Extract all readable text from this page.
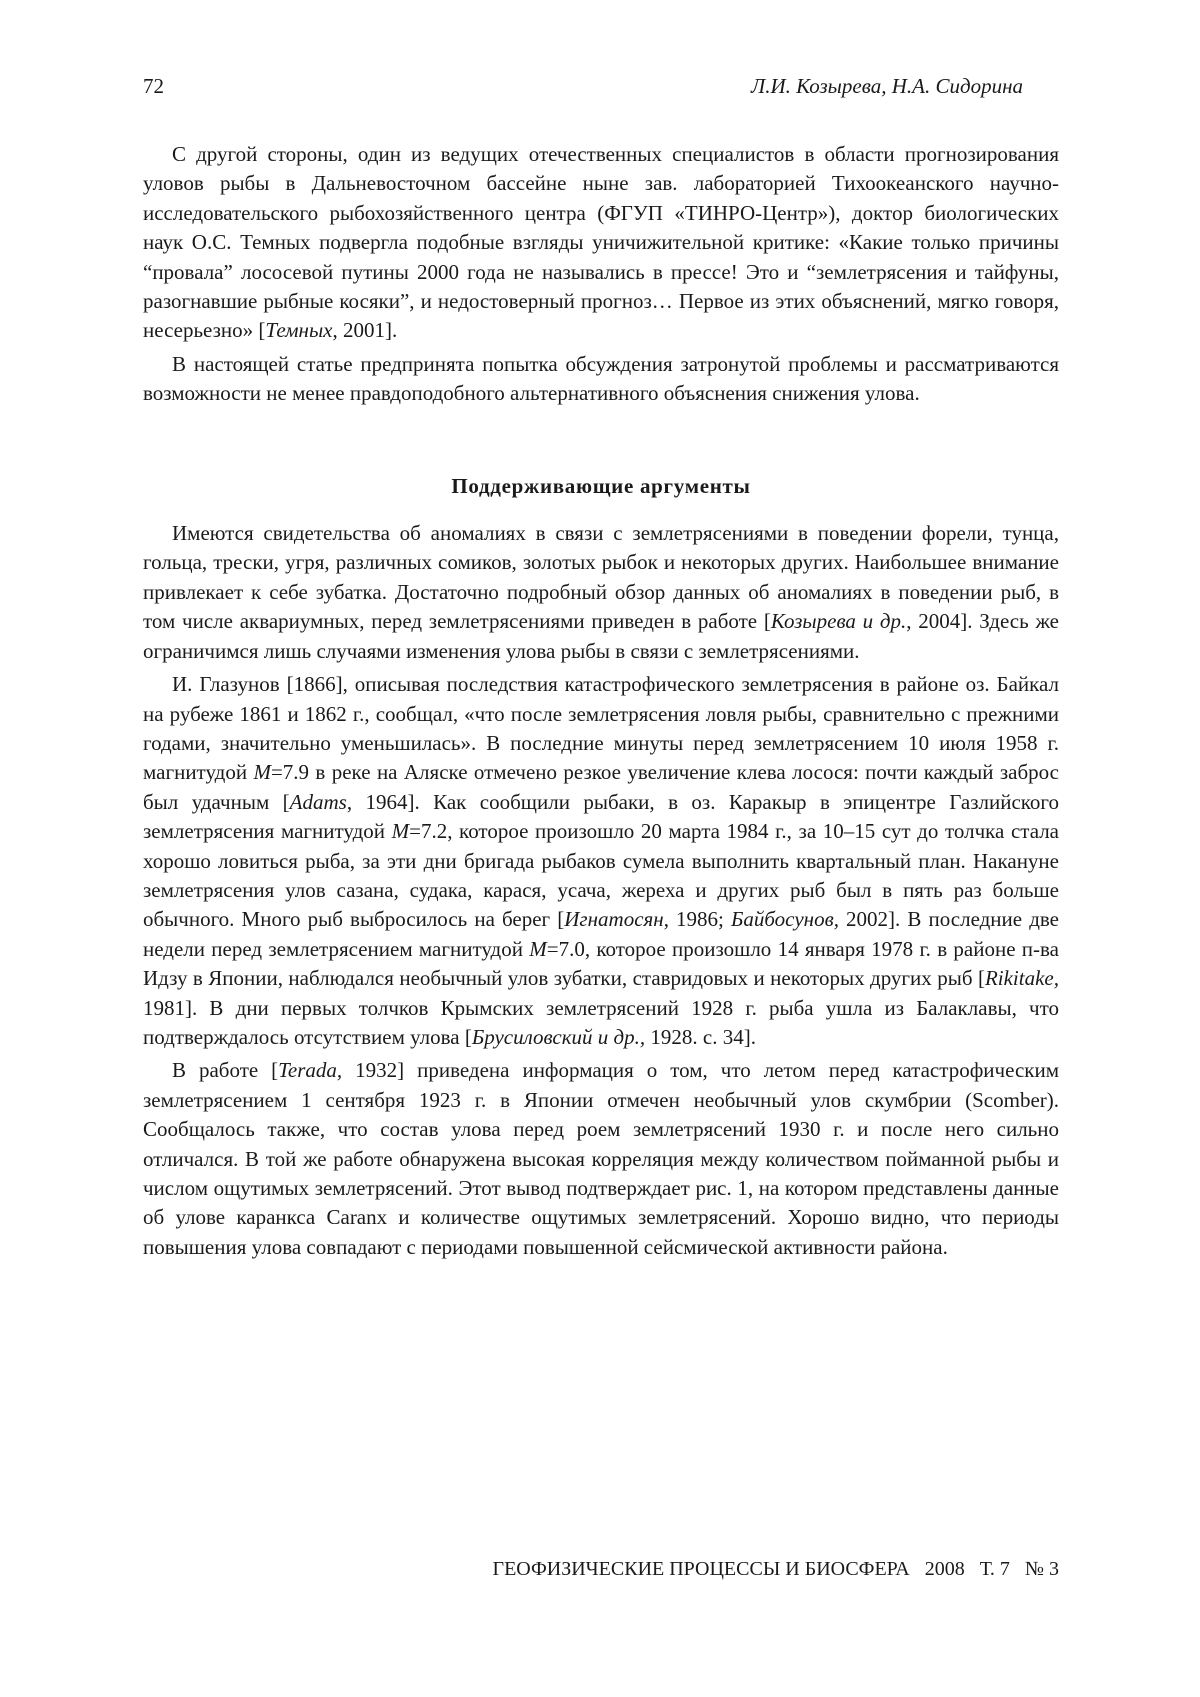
72	Л.И. Козырева, Н.А. Сидорина

С другой стороны, один из ведущих отечественных специалистов в области прогнозирования уловов рыбы в Дальневосточном бассейне ныне зав. лабораторией Тихоокеанского научно-исследовательского рыбохозяйственного центра (ФГУП «ТИНРО-Центр»), доктор биологических наук О.С. Темных подвергла подобные взгляды уничижительной критике: «Какие только причины “провала” лососевой путины 2000 года не назывались в прессе! Это и “землетрясения и тайфуны, разогнавшие рыбные косяки”, и недостоверный прогноз… Первое из этих объяснений, мягко говоря, несерьезно» [Темных, 2001].

В настоящей статье предпринята попытка обсуждения затронутой проблемы и рассматриваются возможности не менее правдоподобного альтернативного объяснения снижения улова.

Поддерживающие аргументы

Имеются свидетельства об аномалиях в связи с землетрясениями в поведении форели, тунца, гольца, трески, угря, различных сомиков, золотых рыбок и некоторых других. Наибольшее внимание привлекает к себе зубатка. Достаточно подробный обзор данных об аномалиях в поведении рыб, в том числе аквариумных, перед землетрясениями приведен в работе [Козырева и др., 2004]. Здесь же ограничимся лишь случаями изменения улова рыбы в связи с землетрясениями.

И. Глазунов [1866], описывая последствия катастрофического землетрясения в районе оз. Байкал на рубеже 1861 и 1862 г., сообщал, «что после землетрясения ловля рыбы, сравнительно с прежними годами, значительно уменьшилась». В последние минуты перед землетрясением 10 июля 1958 г. магнитудой M=7.9 в реке на Аляске отмечено резкое увеличение клева лосося: почти каждый заброс был удачным [Adams, 1964]. Как сообщили рыбаки, в оз. Каракыр в эпицентре Газлийского землетрясения магнитудой M=7.2, которое произошло 20 марта 1984 г., за 10–15 сут до толчка стала хорошо ловиться рыба, за эти дни бригада рыбаков сумела выполнить квартальный план. Накануне землетрясения улов сазана, судака, карася, усача, жереха и других рыб был в пять раз больше обычного. Много рыб выбросилось на берег [Игнатосян, 1986; Байбосунов, 2002]. В последние две недели перед землетрясением магнитудой M=7.0, которое произошло 14 января 1978 г. в районе п-ва Идзу в Японии, наблюдался необычный улов зубатки, ставридовых и некоторых других рыб [Rikitake, 1981]. В дни первых толчков Крымских землетрясений 1928 г. рыба ушла из Балаклавы, что подтверждалось отсутствием улова [Брусиловский и др., 1928. с. 34].

В работе [Terada, 1932] приведена информация о том, что летом перед катастрофическим землетрясением 1 сентября 1923 г. в Японии отмечен необычный улов скумбрии (Scomber). Сообщалось также, что состав улова перед роем землетрясений 1930 г. и после него сильно отличался. В той же работе обнаружена высокая корреляция между количеством пойманной рыбы и числом ощутимых землетрясений. Этот вывод подтверждает рис. 1, на котором представлены данные об улове каранкса Caranx и количестве ощутимых землетрясений. Хорошо видно, что периоды повышения улова совпадают с периодами повышенной сейсмической активности района.

ГЕОФИЗИЧЕСКИЕ ПРОЦЕССЫ И БИОСФЕРА 2008 Т. 7 № 3
